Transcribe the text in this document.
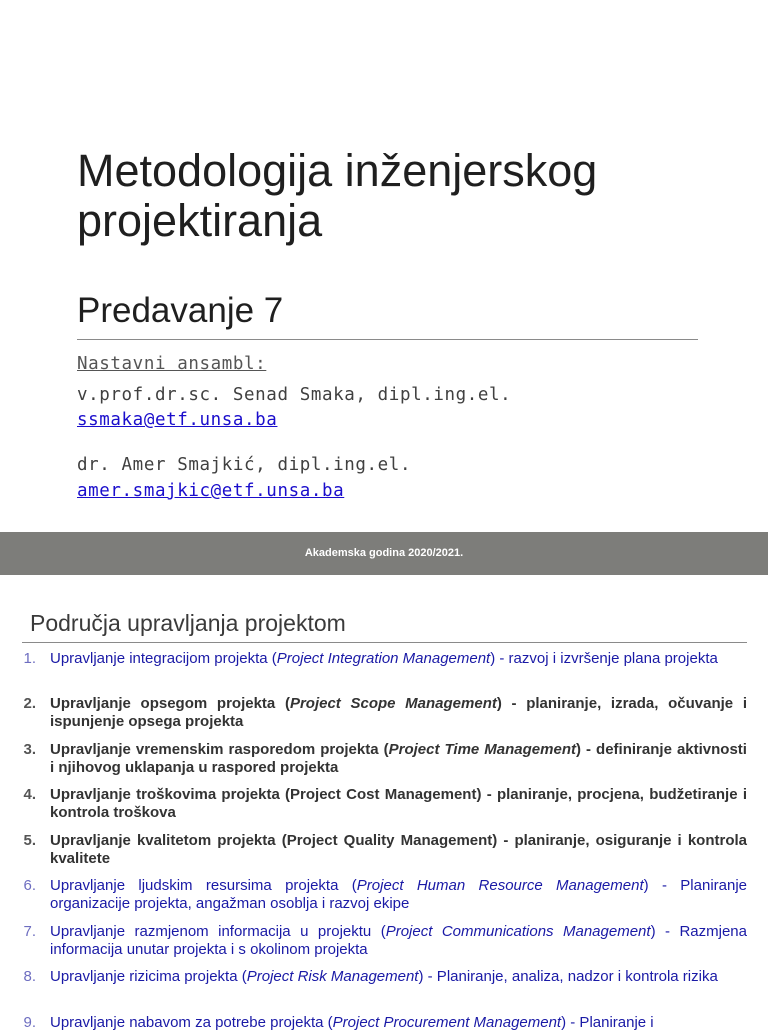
Metodologija inženjerskog projektiranja
Predavanje 7
Nastavni ansambl:
v.prof.dr.sc. Senad Smaka, dipl.ing.el.
ssmaka@etf.unsa.ba
dr. Amer Smajkić, dipl.ing.el.
amer.smajkic@etf.unsa.ba
Akademska godina 2020/2021.
Područja upravljanja projektom
1. Upravljanje integracijom projekta (Project Integration Management) - razvoj i izvršenje plana projekta
2. Upravljanje opsegom projekta (Project Scope Management) - planiranje, izrada, očuvanje i ispunjenje opsega projekta
3. Upravljanje vremenskim rasporedom projekta (Project Time Management) - definiranje aktivnosti i njihovog uklapanja u raspored projekta
4. Upravljanje troškovima projekta (Project Cost Management) - planiranje, procjena, budžetiranje i kontrola troškova
5. Upravljanje kvalitetom projekta (Project Quality Management) - planiranje, osiguranje i kontrola kvalitete
6. Upravljanje ljudskim resursima projekta (Project Human Resource Management) - Planiranje organizacije projekta, angažman osoblja i razvoj ekipe
7. Upravljanje razmjenom informacija u projektu (Project Communications Management) - Razmjena informacija unutar projekta i s okolinom projekta
8. Upravljanje rizicima projekta (Project Risk Management) - Planiranje, analiza, nadzor i kontrola rizika
9. Upravljanje nabavom za potrebe projekta (Project Procurement Management) - Planiranje i
